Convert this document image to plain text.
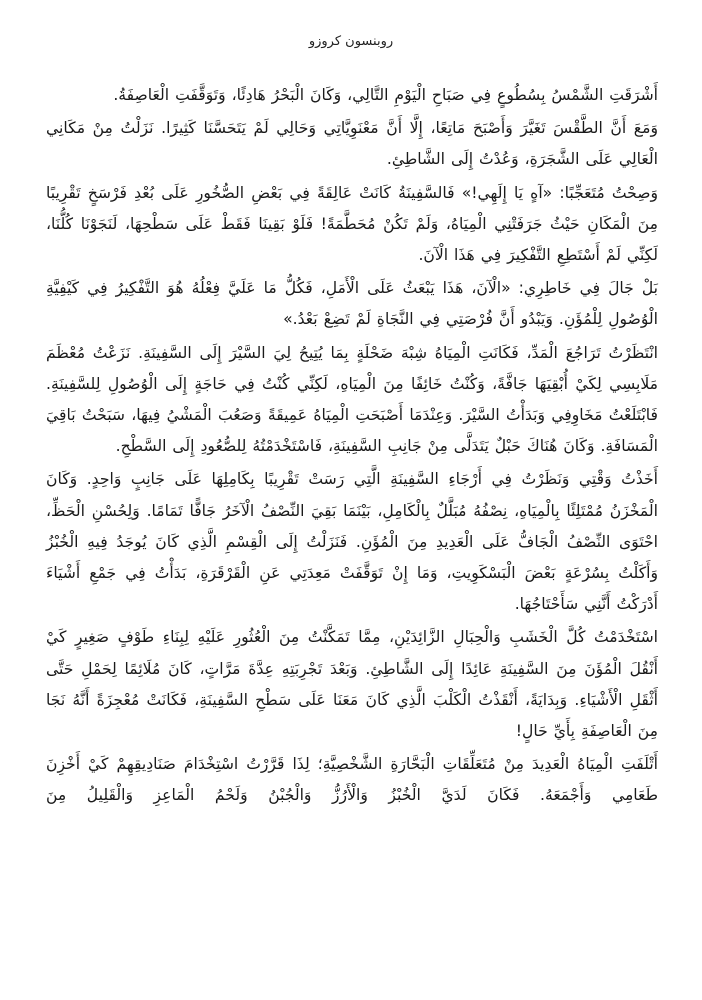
روبنسون كروزو

أَشْرَقَتِ الشَّمْسُ بِسُطُوعٍ فِي صَبَاحِ الْيَوْمِ التَّالِي، وَكَانَ الْبَحْرُ هَادِئًا، وَتَوَقَّفَتِ الْعَاصِفَةُ.

وَمَعَ أَنَّ الطَّقْسَ تَغَيَّرَ وَأَصْبَحَ مَاتِعًا، إِلَّا أَنَّ مَعْنَوِيَّاتِي وَحَالِي لَمْ يَتَحَسَّنَا كَثِيرًا. نَزَلْتُ مِنْ مَكَانِي الْعَالِي عَلَى الشَّجَرَةِ، وَعُدْتُ إِلَى الشَّاطِئِ.

وَصِحْتُ مُتَعَجِّبًا: «آهٍ يَا إِلَهِي!» فَالسَّفِينَةُ كَانَتْ عَالِقَةً فِي بَعْضِ الصُّخُورِ عَلَى بُعْدِ فَرْسَخٍ تَقْرِيبًا مِنَ الْمَكَانِ حَيْثُ جَرَفَتْنِي الْمِيَاهُ، وَلَمْ تَكُنْ مُحَطَّمَةً! فَلَوْ بَقِينَا فَقَطْ عَلَى سَطْحِهَا، لَنَجَوْنَا كُلُّنَا، لَكِنِّي لَمْ أَسْتَطِعِ التَّفْكِيرَ فِي هَذَا الْآنَ.

بَلْ جَالَ فِي خَاطِرِي: «الْآنَ، هَذَا يَبْعَثُ عَلَى الْأَمَلِ، فَكُلُّ مَا عَلَيَّ فِعْلُهُ هُوَ التَّفْكِيرُ فِي كَيْفِيَّةِ الْوُصُولِ لِلْمُؤَنِ. وَيَبْدُو أَنَّ فُرْصَتِي فِي النَّجَاةِ لَمْ تَضِعْ بَعْدُ.»

انْتَظَرْتُ تَرَاجُعَ الْمَدِّ، فَكَانَتِ الْمِيَاهُ شِبْهَ ضَحْلَةٍ بِمَا يُتِيحُ لِيَ السَّيْرَ إِلَى السَّفِينَةِ. نَزَعْتُ مُعْظَمَ مَلَابِسِي لِكَيْ أُبْقِيَهَا جَافَّةً، وَكُنْتُ خَائِفًا مِنَ الْمِيَاهِ، لَكِنِّي كُنْتُ فِي حَاجَةٍ إِلَى الْوُصُولِ لِلسَّفِينَةِ. فَابْتَلَعْتُ مَخَاوِفِي وَبَدَأْتُ السَّيْرَ. وَعِنْدَمَا أَصْبَحَتِ الْمِيَاهُ عَمِيقَةً وَصَعُبَ الْمَشْيُ فِيهَا، سَبَحْتُ بَاقِيَ الْمَسَافَةِ. وَكَانَ هُنَاكَ حَبْلٌ يَتَدَلَّى مِنْ جَانِبِ السَّفِينَةِ، فَاسْتَخْدَمْتُهُ لِلصُّعُودِ إِلَى السَّطْحِ.

أَخَذْتُ وَقْتِي وَنَظَرْتُ فِي أَرْجَاءِ السَّفِينَةِ الَّتِي رَسَتْ تَقْرِيبًا بِكَامِلِهَا عَلَى جَانِبٍ وَاحِدٍ. وَكَانَ الْمَخْزَنُ مُمْتَلِئًا بِالْمِيَاهِ، نِصْفُهُ مُبَلَّلٌ بِالْكَامِلِ، بَيْنَمَا بَقِيَ النِّصْفُ الْآخَرُ جَافًّا تَمَامًا. وَلِحُسْنِ الْحَظِّ، احْتَوَى النِّصْفُ الْجَافُّ عَلَى الْعَدِيدِ مِنَ الْمُؤَنِ. فَنَزَلْتُ إِلَى الْقِسْمِ الَّذِي كَانَ يُوجَدُ فِيهِ الْخُبْزُ وَأَكَلْتُ بِسُرْعَةٍ بَعْضَ الْبَسْكَوِيتِ، وَمَا إِنْ تَوَقَّفَتْ مَعِدَتِي عَنِ الْقَرْقَرَةِ، بَدَأْتُ فِي جَمْعِ أَشْيَاءَ أَدْرَكْتُ أَنَّنِي سَأَحْتَاجُهَا.

اسْتَخْدَمْتُ كُلَّ الْخَشَبِ وَالْحِبَالِ الزَّائِدَيْنِ، مِمَّا تَمَكَّنْتُ مِنَ الْعُثُورِ عَلَيْهِ لِبِنَاءِ طَوْفٍ صَغِيرٍ كَيْ أَنْقُلَ الْمُؤَنَ مِنَ السَّفِينَةِ عَائِدًا إِلَى الشَّاطِئِ. وَبَعْدَ تَجْرِبَتِهِ عِدَّةَ مَرَّاتٍ، كَانَ مُلَائِمًا لِحَمْلِ حَتَّى أَثْقَلِ الْأَشْيَاءِ. وَبِدَايَةً، أَنْقَذْتُ الْكَلْبَ الَّذِي كَانَ مَعَنَا عَلَى سَطْحِ السَّفِينَةِ، فَكَانَتْ مُعْجِزَةً أَنَّهُ نَجَا مِنَ الْعَاصِفَةِ بِأَيِّ حَالٍ!

أَتْلَفَتِ الْمِيَاهُ الْعَدِيدَ مِنْ مُتَعَلِّقَاتِ الْبَحَّارَةِ الشَّخْصِيَّةِ؛ لِذَا قَرَّرْتُ اسْتِخْدَامَ صَنَادِيقِهِمْ كَيْ أَخْزِنَ طَعَامِي وَأَجْمَعَهُ. فَكَانَ لَدَيَّ الْخُبْزُ وَالْأَرُزُّ وَالْجُبْنُ وَلَحْمُ الْمَاعِزِ وَالْقَلِيلُ مِنَ
